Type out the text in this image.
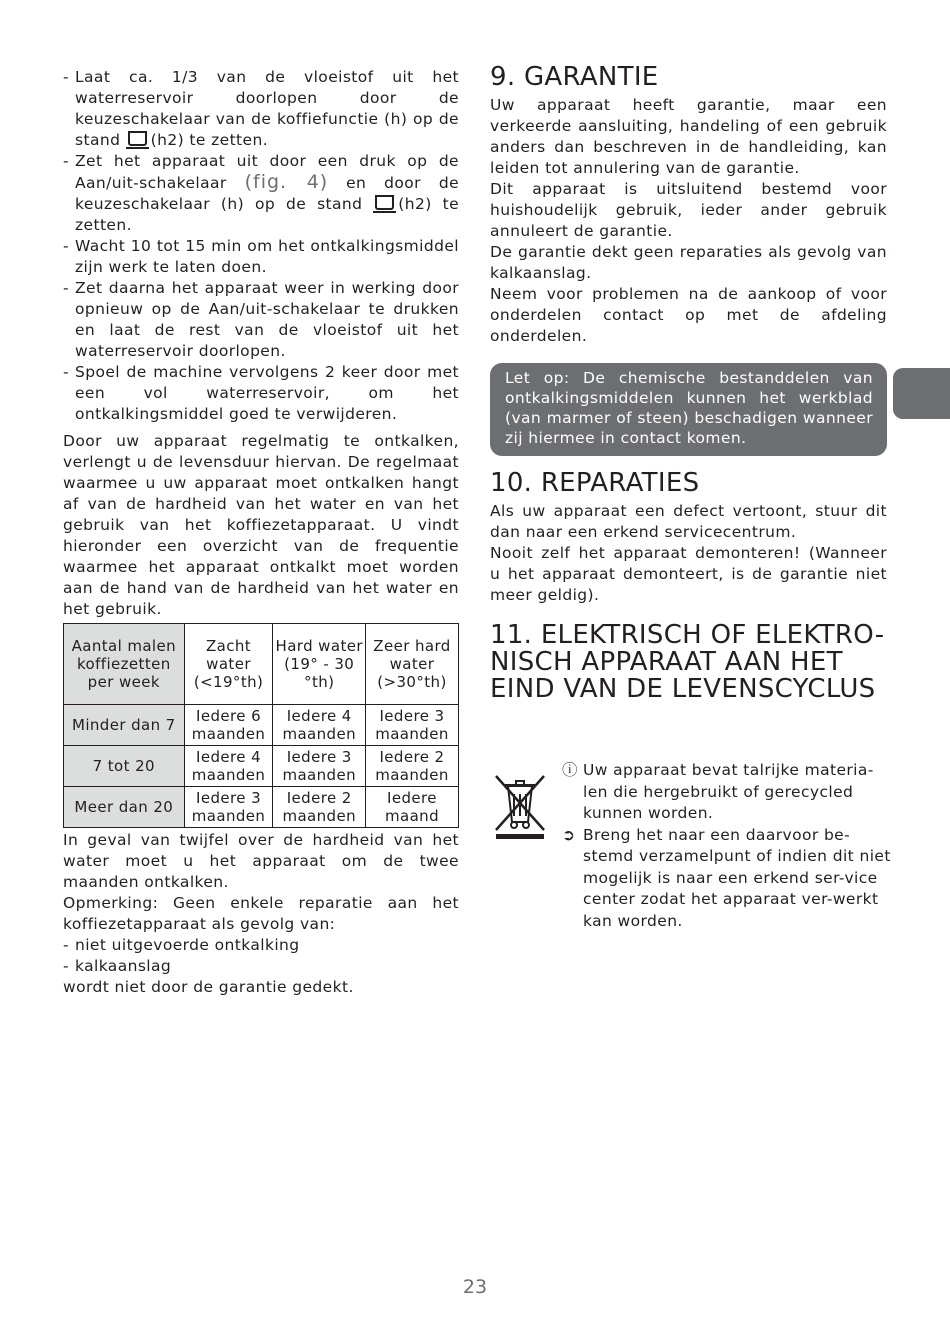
- Laat ca. 1/3 van de vloeistof uit het waterreservoir doorlopen door de keuzeschakelaar van de koffiefunctie (h) op de stand (h2) te zetten.
- Zet het apparaat uit door een druk op de Aan/uit-schakelaar (fig. 4) en door de keuzeschakelaar (h) op de stand (h2) te zetten.
- Wacht 10 tot 15 min om het ontkalkingsmiddel zijn werk te laten doen.
- Zet daarna het apparaat weer in werking door opnieuw op de Aan/uit-schakelaar te drukken en laat de rest van de vloeistof uit het waterreservoir doorlopen.
- Spoel de machine vervolgens 2 keer door met een vol waterreservoir, om het ontkalkingsmiddel goed te verwijderen.

Door uw apparaat regelmatig te ontkalken, verlengt u de levensduur hiervan. De regelmaat waarmee u uw apparaat moet ontkalken hangt af van de hardheid van het water en van het gebruik van het koffiezetapparaat. U vindt hieronder een overzicht van de frequentie waarmee het apparaat ontkalkt moet worden aan de hand van de hardheid van het water en het gebruik.

Aantal malen koffiezetten per week	Zacht water (<19°th)	Hard water (19° - 30 °th)	Zeer hard water (>30°th)
Minder dan 7	Iedere 6 maanden	Iedere 4 maanden	Iedere 3 maanden
7 tot 20	Iedere 4 maanden	Iedere 3 maanden	Iedere 2 maanden
Meer dan 20	Iedere 3 maanden	Iedere 2 maanden	Iedere maand

In geval van twijfel over de hardheid van het water moet u het apparaat om de twee maanden ontkalken.

Opmerking: Geen enkele reparatie aan het koffiezetapparaat als gevolg van:

- niet uitgevoerde ontkalking
- kalkaanslag

wordt niet door de garantie gedekt.

9. GARANTIE

Uw apparaat heeft garantie, maar een verkeerde aansluiting, handeling of een gebruik anders dan beschreven in de handleiding, kan leiden tot annulering van de garantie.

Dit apparaat is uitsluitend bestemd voor huishoudelijk gebruik, ieder ander gebruik annuleert de garantie.

De garantie dekt geen reparaties als gevolg van kalkaanslag.

Neem voor problemen na de aankoop of voor onderdelen contact op met de afdeling onderdelen.

Let op: De chemische bestanddelen van ontkalkingsmiddelen kunnen het werkblad (van marmer of steen) beschadigen wanneer zij hiermee in contact komen.
10. REPARATIES

Als uw apparaat een defect vertoont, stuur dit dan naar een erkend servicecentrum.

Nooit zelf het apparaat demonteren! (Wanneer u het apparaat demonteert, is de garantie niet meer geldig).

11. ELEKTRISCH OF ELEKTRO-
NISCH APPARAAT AAN HET
EIND VAN DE LEVENSCYCLUS
ⓘ Uw apparaat bevat talrijke materia-len die hergebruikt of gerecycled kunnen worden.
➲ Breng het naar een daarvoor be-stemd verzamelpunt of indien dit niet mogelijk is naar een erkend ser-vice center zodat het apparaat ver-werkt kan worden.
23
